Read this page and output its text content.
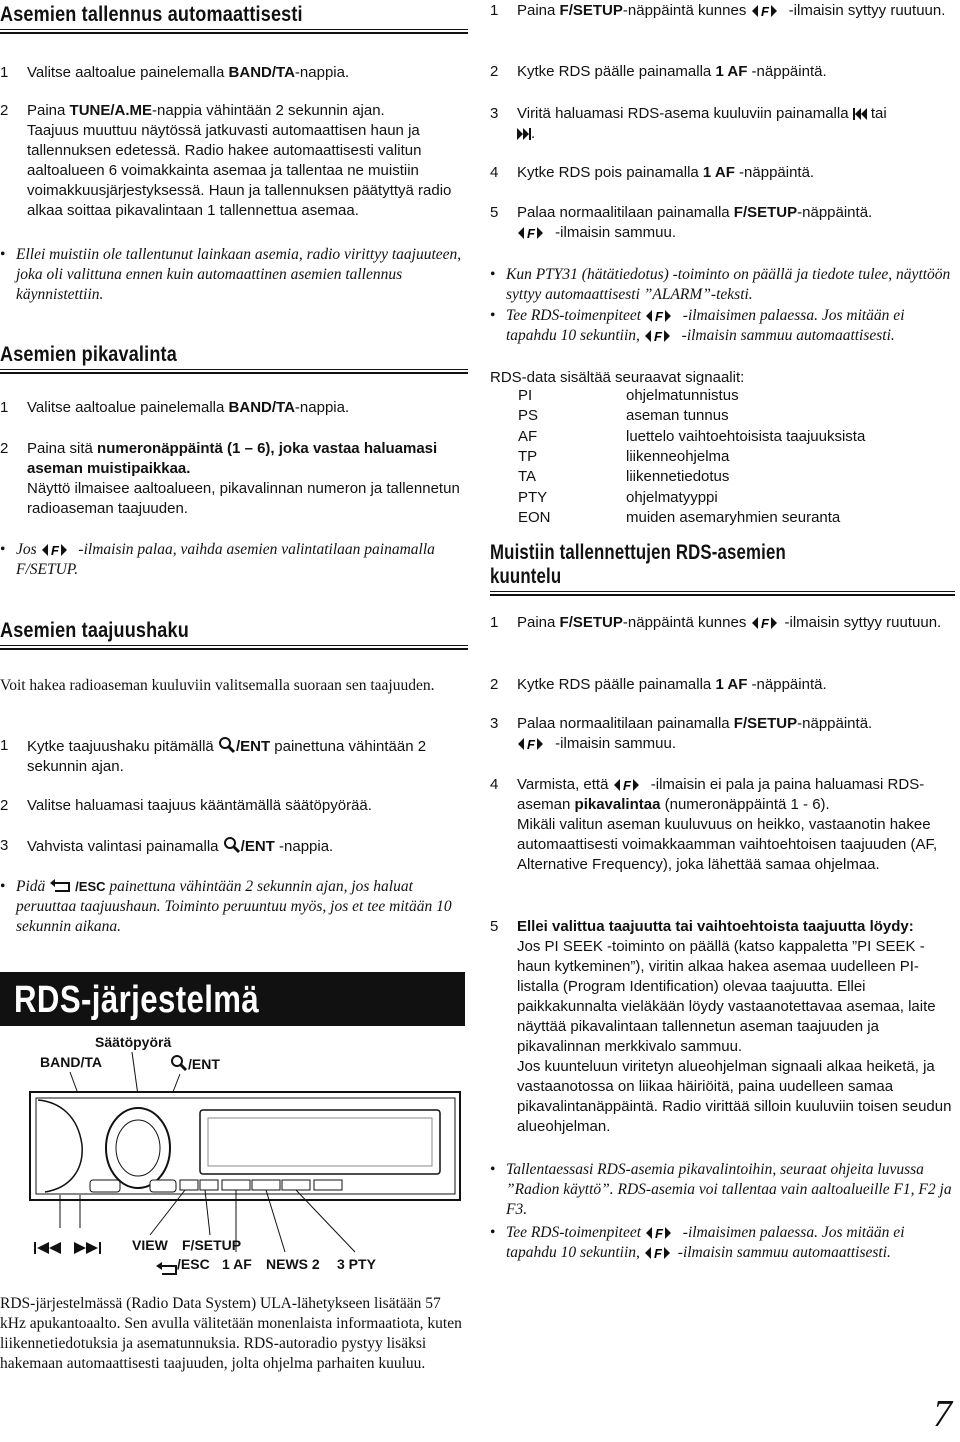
Asemien tallennus automaattisesti
1	Valitse aaltoalue painelemalla BAND/TA-nappia.
2	Paina TUNE/A.ME-nappia vähintään 2 sekunnin ajan.
Taajuus muuttuu näytössä jatkuvasti automaattisen haun ja tallennuksen edetessä. Radio hakee automaattisesti valitun aaltoalueen 6 voimakkainta asemaa ja tallentaa ne muistiin voimakkuusjärjestyksessä. Haun ja tallennuksen päätyttyä radio alkaa soittaa pikavalintaan 1 tallennettua asemaa.
• Ellei muistiin ole tallentunut lainkaan asemia, radio virittyy taajuuteen, joka oli valittuna ennen kuin automaattinen asemien tallennus käynnistettiin.
Asemien pikavalinta
1	Valitse aaltoalue painelemalla BAND/TA-nappia.
2	Paina sitä numeronäppäintä (1 – 6), joka vastaa haluamasi aseman muistipaikkaa.
Näyttö ilmaisee aaltoalueen, pikavalinnan numeron ja tallennetun radioaseman taajuuden.
• Jos F -ilmaisin palaa, vaihda asemien valintatilaan painamalla F/SETUP.
Asemien taajuushaku
Voit hakea radioaseman kuuluviin valitsemalla suoraan sen taajuuden.
1	Kytke taajuushaku pitämällä /ENT painettuna vähintään 2 sekunnin ajan.
2	Valitse haluamasi taajuus kääntämällä säätöpyörää.
3	Vahvista valintasi painamalla /ENT -nappia.
• Pidä /ESC painettuna vähintään 2 sekunnin ajan, jos haluat peruuttaa taajuushaun. Toiminto peruuntuu myös, jos et tee mitään 10 sekunnin aikana.
RDS-järjestelmä
Säätöpyörä
BAND/TA	/ENT
VIEW F/SETUP
/ESC 1 AF NEWS 2 3 PTY
RDS-järjestelmässä (Radio Data System) ULA-lähetykseen lisätään 57 kHz apukantoaalto. Sen avulla välitetään monenlaista informaatiota, kuten liikennetiedotuksia ja asematunnuksia. RDS-autoradio pystyy lisäksi hakemaan automaattisesti taajuuden, jolta ohjelma parhaiten kuuluu.
1	Paina F/SETUP-näppäintä kunnes F -ilmaisin syttyy ruutuun.
2	Kytke RDS päälle painamalla 1 AF -näppäintä.
3	Viritä haluamasi RDS-asema kuuluviin painamalla  tai
.
4	Kytke RDS pois painamalla 1 AF -näppäintä.
5	Palaa normaalitilaan painamalla F/SETUP-näppäintä.
F -ilmaisin sammuu.
• Kun PTY31 (hätätiedotus) -toiminto on päällä ja tiedote tulee, näyttöön syttyy automaattisesti ”ALARM”-teksti.
• Tee RDS-toimenpiteet F -ilmaisimen palaessa. Jos mitään ei tapahdu 10 sekuntiin, F -ilmaisin sammuu automaattisesti.
RDS-data sisältää seuraavat signaalit:
PI	ohjelmatunnistus
PS	aseman tunnus
AF	luettelo vaihtoehtoisista taajuuksista
TP	liikenneohjelma
TA	liikennetiedotus
PTY	ohjelmatyyppi
EON	muiden asemaryhmien seuranta
Muistiin tallennettujen RDS-asemien kuuntelu
1	Paina F/SETUP-näppäintä kunnes F -ilmaisin syttyy ruutuun.
2	Kytke RDS päälle painamalla 1 AF -näppäintä.
3	Palaa normaalitilaan painamalla F/SETUP-näppäintä.
F -ilmaisin sammuu.
4	Varmista, että F -ilmaisin ei pala ja paina haluamasi RDS-aseman pikavalintaa (numeronäppäintä 1 - 6).
Mikäli valitun aseman kuuluvuus on heikko, vastaanotin hakee automaattisesti voimakkaamman vaihtoehtoisen taajuuden (AF, Alternative Frequency), joka lähettää samaa ohjelmaa.
5	Ellei valittua taajuutta tai vaihtoehtoista taajuutta löydy:
Jos PI SEEK -toiminto on päällä (katso kappaletta ”PI SEEK -haun kytkeminen”), viritin alkaa hakea asemaa uudelleen PI-listalla (Program Identification) olevaa taajuutta. Ellei paikkakunnalta vieläkään löydy vastaanotettavaa asemaa, laite näyttää pikavalintaan tallennetun aseman taajuuden ja pikavalinnan merkkivalo sammuu.
Jos kuunteluun viritetyn alueohjelman signaali alkaa heiketä, ja vastaanotossa on liikaa häiriöitä, paina uudelleen samaa pikavalintanäppäintä. Radio virittää silloin kuuluviin toisen seudun alueohjelman.
• Tallentaessasi RDS-asemia pikavalintoihin, seuraat ohjeita luvussa ”Radion käyttö”. RDS-asemia voi tallentaa vain aaltoalueille F1, F2 ja F3.
• Tee RDS-toimenpiteet F -ilmaisimen palaessa. Jos mitään ei tapahdu 10 sekuntiin, F -ilmaisin sammuu automaattisesti.
7
